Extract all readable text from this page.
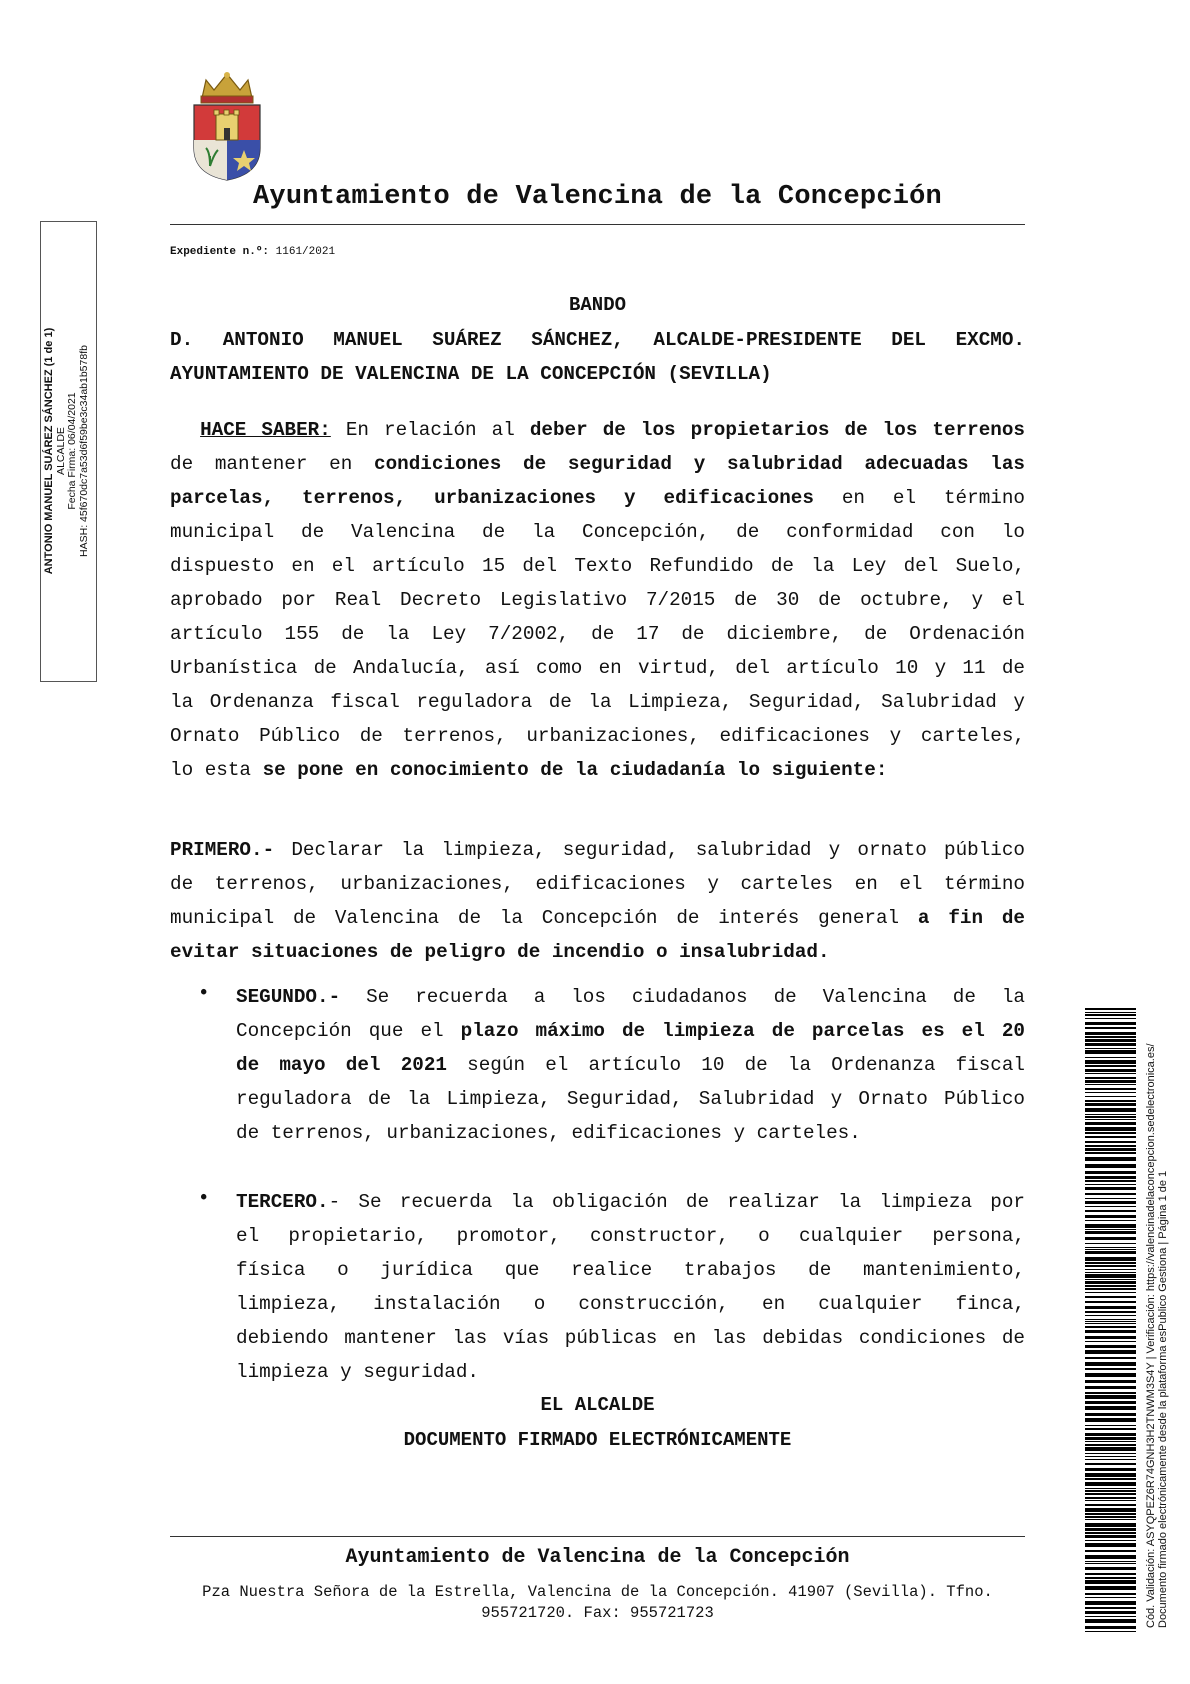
Ayuntamiento de Valencina de la Concepción
Expediente n.º: 1161/2021
BANDO
D. ANTONIO MANUEL SUÁREZ SÁNCHEZ, ALCALDE-PRESIDENTE DEL EXCMO.
AYUNTAMIENTO DE VALENCINA DE LA CONCEPCIÓN (SEVILLA)
HACE SABER: En relación al deber de los propietarios de los terrenos
de mantener en condiciones de seguridad y salubridad adecuadas las
parcelas, terrenos, urbanizaciones y edificaciones en el término
municipal de Valencina de la Concepción, de conformidad con lo
dispuesto en el artículo 15 del Texto Refundido de la Ley del Suelo,
aprobado por Real Decreto Legislativo 7/2015 de 30 de octubre, y el
artículo 155 de la Ley 7/2002, de 17 de diciembre, de Ordenación
Urbanística de Andalucía, así como en virtud, del artículo 10 y 11 de
la Ordenanza fiscal reguladora de la Limpieza, Seguridad, Salubridad y
Ornato Público de terrenos, urbanizaciones, edificaciones y carteles,
lo esta se pone en conocimiento de la ciudadanía lo siguiente:
PRIMERO.- Declarar la limpieza, seguridad, salubridad y ornato público
de terrenos, urbanizaciones, edificaciones y carteles en el término
municipal de Valencina de la Concepción de interés general a fin de
evitar situaciones de peligro de incendio o insalubridad.
• SEGUNDO.- Se recuerda a los ciudadanos de Valencina de la
Concepción que el plazo máximo de limpieza de parcelas es el 20
de mayo del 2021 según el artículo 10 de la Ordenanza fiscal
reguladora de la Limpieza, Seguridad, Salubridad y Ornato Público
de terrenos, urbanizaciones, edificaciones y carteles.
• TERCERO.- Se recuerda la obligación de realizar la limpieza por
el propietario, promotor, constructor, o cualquier persona,
física o jurídica que realice trabajos de mantenimiento,
limpieza, instalación o construcción, en cualquier finca,
debiendo mantener las vías públicas en las debidas condiciones de
limpieza y seguridad.
EL ALCALDE
DOCUMENTO FIRMADO ELECTRÓNICAMENTE
Ayuntamiento de Valencina de la Concepción
Pza Nuestra Señora de la Estrella, Valencina de la Concepción. 41907 (Sevilla). Tfno.
955721720. Fax: 955721723
ANTONIO MANUEL SUÁREZ SÁNCHEZ (1 de 1) ALCALDE Fecha Firma: 06/04/2021 HASH: 45f670dc7a53d6f59be3c34ab1b578fb
Cód. Validación: ASYQPEZ6R74GNH3H2TNWM3S4Y | Verificación: https://valencinadelaconcepcion.sedelectronica.es/ Documento firmado electrónicamente desde la plataforma esPublico Gestiona | Página 1 de 1
